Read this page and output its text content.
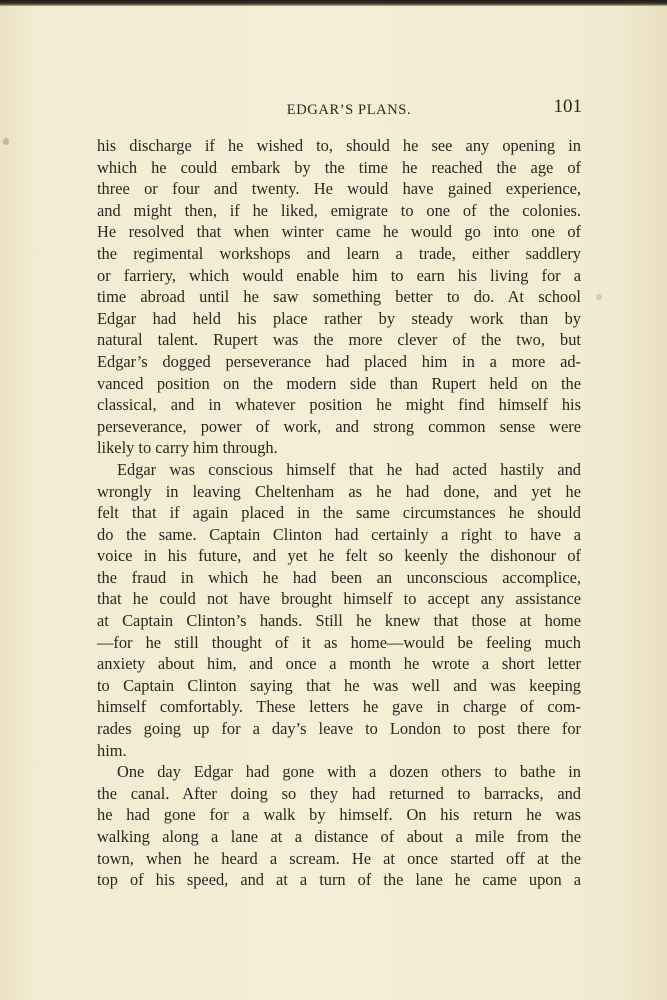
EDGAR’S PLANS.	101
his discharge if he wished to, should he see any opening in
which he could embark by the time he reached the age of
three or four and twenty. He would have gained experience,
and might then, if he liked, emigrate to one of the colonies.
He resolved that when winter came he would go into one of
the regimental workshops and learn a trade, either saddlery
or farriery, which would enable him to earn his living for a
time abroad until he saw something better to do. At school
Edgar had held his place rather by steady work than by
natural talent. Rupert was the more clever of the two, but
Edgar’s dogged perseverance had placed him in a more ad-
vanced position on the modern side than Rupert held on the
classical, and in whatever position he might find himself his
perseverance, power of work, and strong common sense were
likely to carry him through.
Edgar was conscious himself that he had acted hastily and
wrongly in leaving Cheltenham as he had done, and yet he
felt that if again placed in the same circumstances he should
do the same. Captain Clinton had certainly a right to have a
voice in his future, and yet he felt so keenly the dishonour of
the fraud in which he had been an unconscious accomplice,
that he could not have brought himself to accept any assistance
at Captain Clinton’s hands. Still he knew that those at home
—for he still thought of it as home—would be feeling much
anxiety about him, and once a month he wrote a short letter
to Captain Clinton saying that he was well and was keeping
himself comfortably. These letters he gave in charge of com-
rades going up for a day’s leave to London to post there for
him.
One day Edgar had gone with a dozen others to bathe in
the canal. After doing so they had returned to barracks, and
he had gone for a walk by himself. On his return he was
walking along a lane at a distance of about a mile from the
town, when he heard a scream. He at once started off at the
top of his speed, and at a turn of the lane he came upon a
